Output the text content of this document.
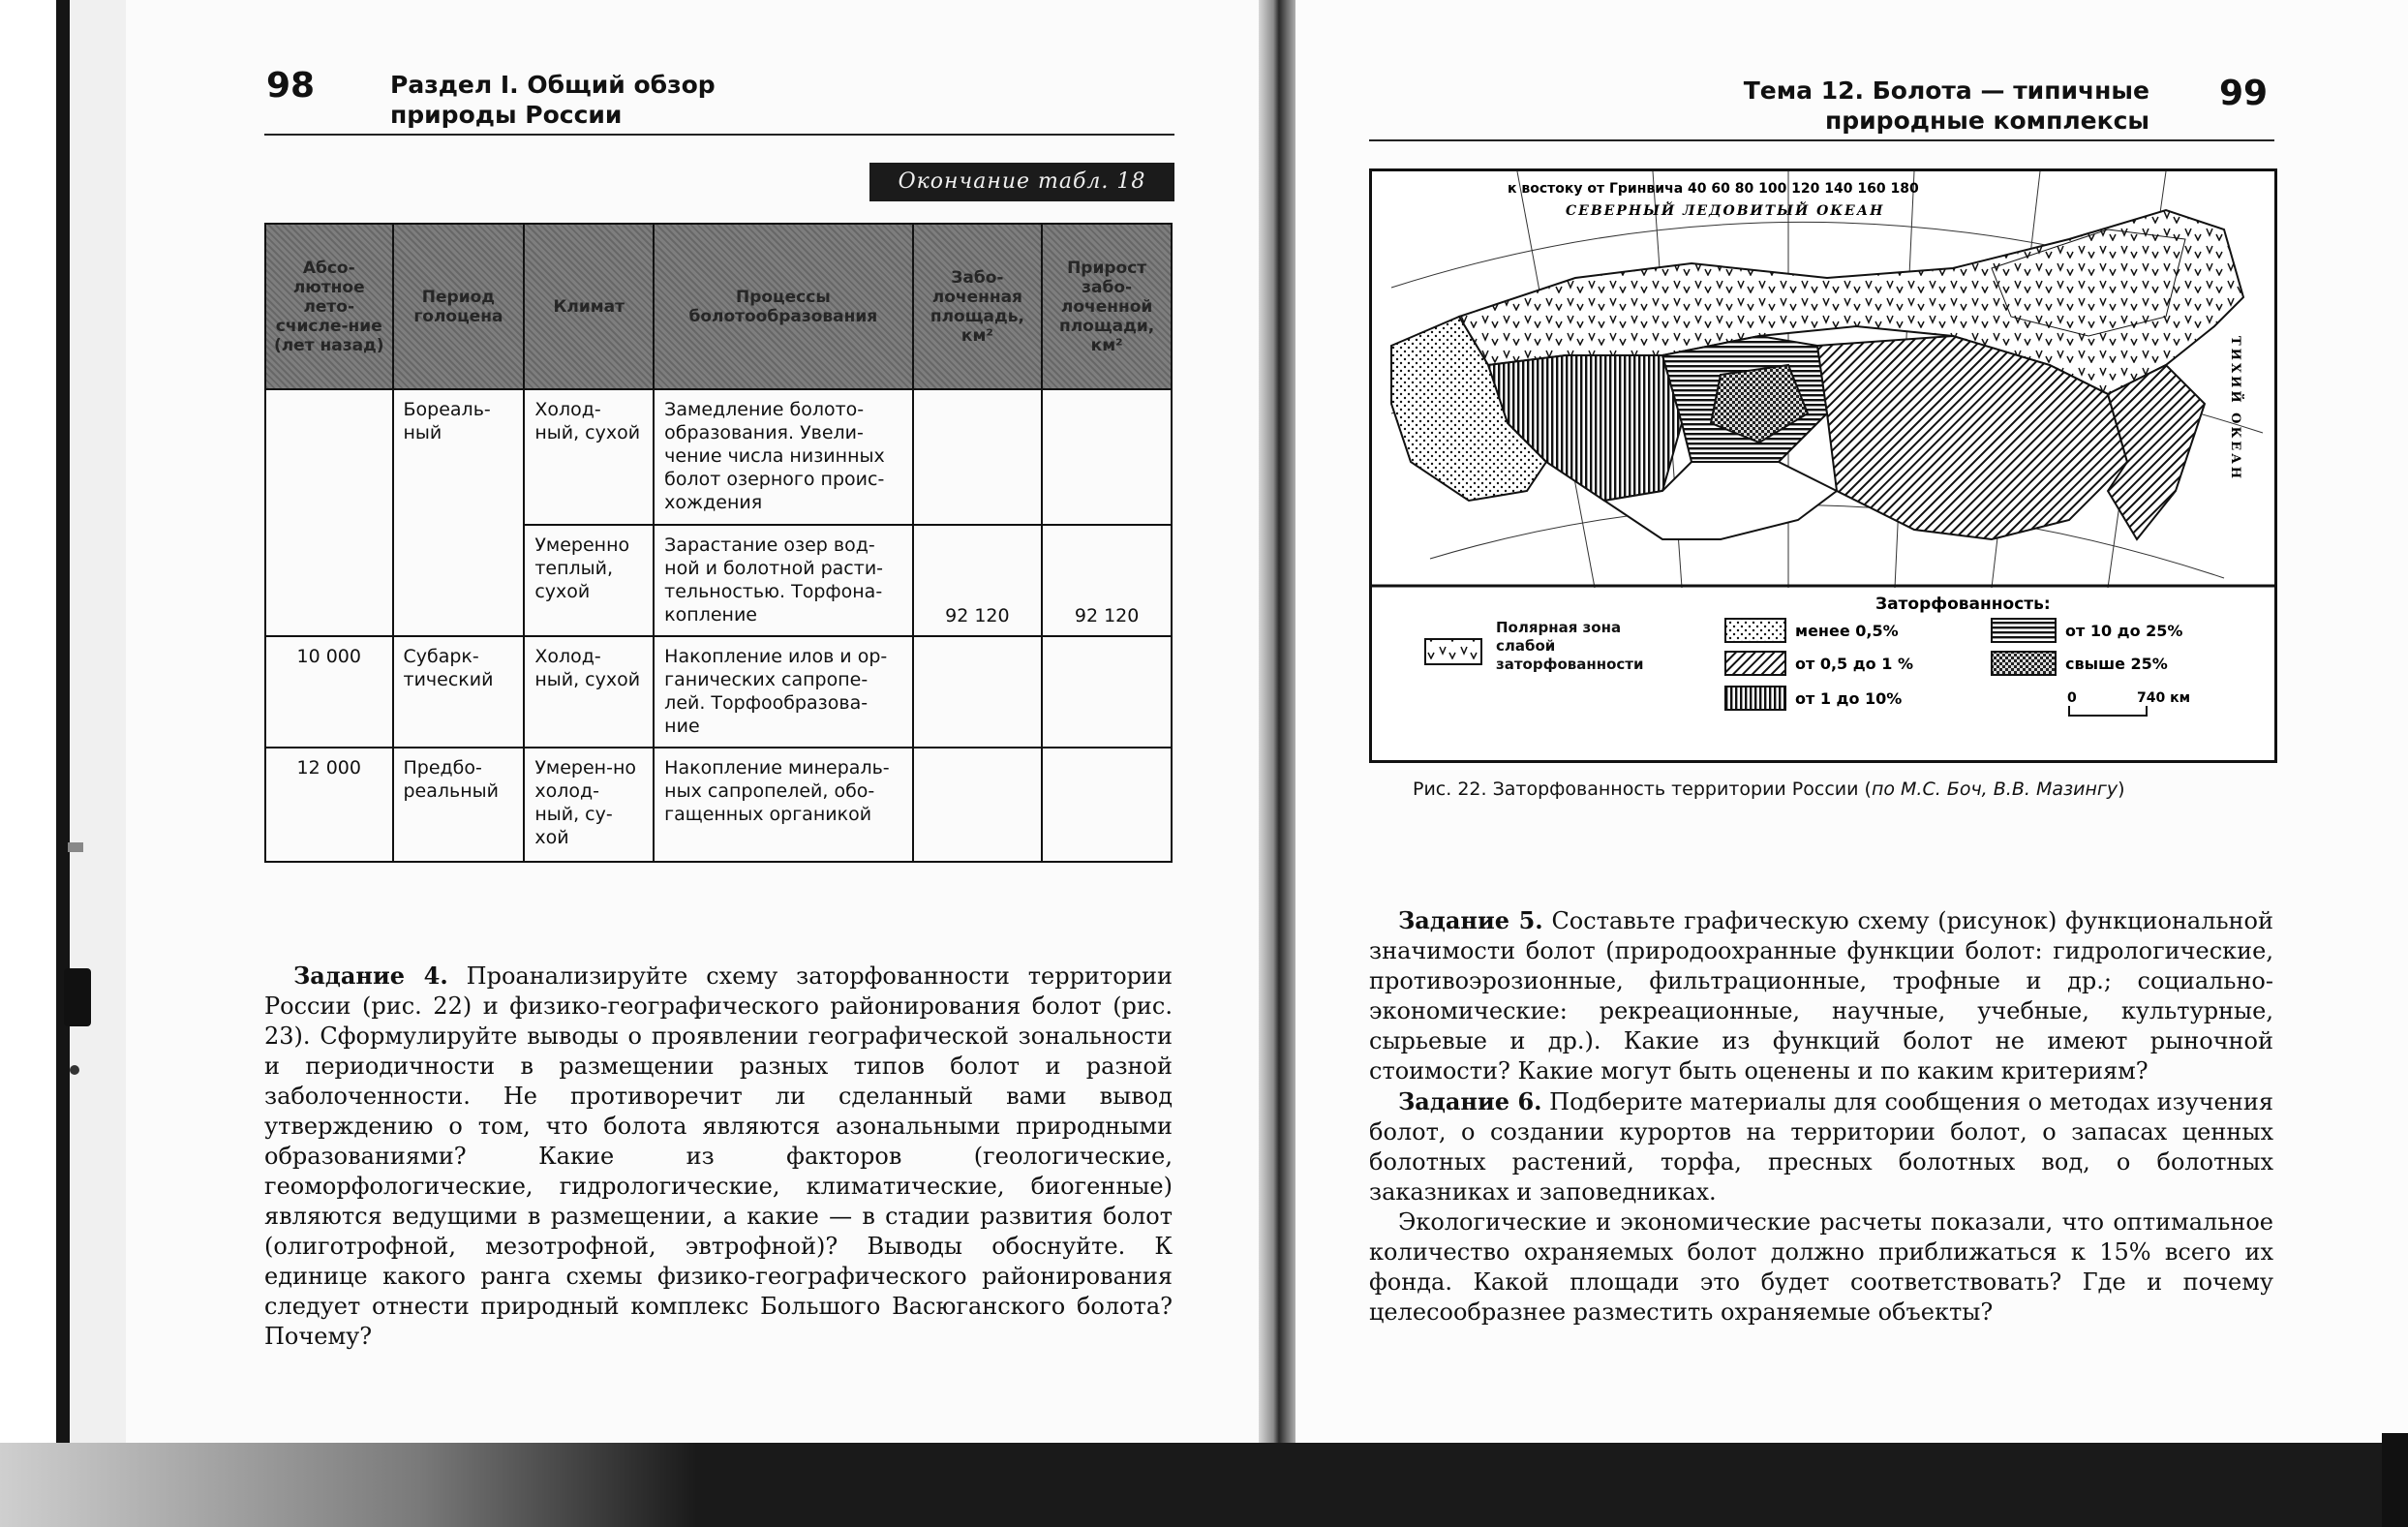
98	Раздел I. Общий обзор
природы России
Окончание табл. 18
Абсо-лютное лето-счисле-ние (лет назад)	Период голоцена	Климат	Процессы болотообразования	Забо-лоченная площадь, км²	Прирост забо-лоченной площади, км²
	Бореаль-ный	Холод-ный, сухой	Замедление болото-образования. Увели-чение числа низинных болот озерного проис-хождения		
		Умеренно теплый, сухой	Зарастание озер вод-ной и болотной расти-тельностью. Торфона-копление	92 120	92 120
10 000	Субарк-тический	Холод-ный, сухой	Накопление илов и ор-ганических сапропе-лей. Торфообразова-ние		
12 000	Предбо-реальный	Умерен-но холод-ный, су-хой	Накопление минераль-ных сапропелей, обо-гащенных органикой		
Задание 4. Проанализируйте схему заторфованности территории России (рис. 22) и физико-географического районирования болот (рис. 23). Сформулируйте выводы о проявлении географической зональности и периодичности в размещении разных типов болот и разной заболоченности. Не противоречит ли сделанный вами вывод утверждению о том, что болота являются азональными природными образованиями? Какие из факторов (геологические, геоморфологические, гидрологические, климатические, биогенные) являются ведущими в размещении, а какие — в стадии развития болот (олиготрофной, мезотрофной, эвтрофной)? Выводы обоснуйте. К единице какого ранга схемы физико-географического районирования следует отнести природный комплекс Большого Васюганского болота? Почему?
Тема 12. Болота — типичные
природные комплексы
99
к востоку от Гринвича 40 60 80 100 120 140 160 180
СЕВЕРНЫЙ ЛЕДОВИТЫЙ ОКЕАН
ТИХИЙ ОКЕАН
Заторфованность:
Полярная зона слабой заторфованности
менее 0,5%
от 0,5 до 1 %
от 1 до 10%
от 10 до 25%
свыше 25%
0	740 км
Рис. 22. Заторфованность территории России (по М.С. Боч, В.В. Мазингу)
Задание 5. Составьте графическую схему (рисунок) функциональной значимости болот (природоохранные функции болот: гидрологические, противоэрозионные, фильтрационные, трофные и др.; социально-экономические: рекреационные, научные, учебные, культурные, сырьевые и др.). Какие из функций болот не имеют рыночной стоимости? Какие могут быть оценены и по каким критериям?
Задание 6. Подберите материалы для сообщения о методах изучения болот, о создании курортов на территории болот, о запасах ценных болотных растений, торфа, пресных болотных вод, о болотных заказниках и заповедниках.
Экологические и экономические расчеты показали, что оптимальное количество охраняемых болот должно приближаться к 15% всего их фонда. Какой площади это будет соответствовать? Где и почему целесообразнее разместить охраняемые объекты?
